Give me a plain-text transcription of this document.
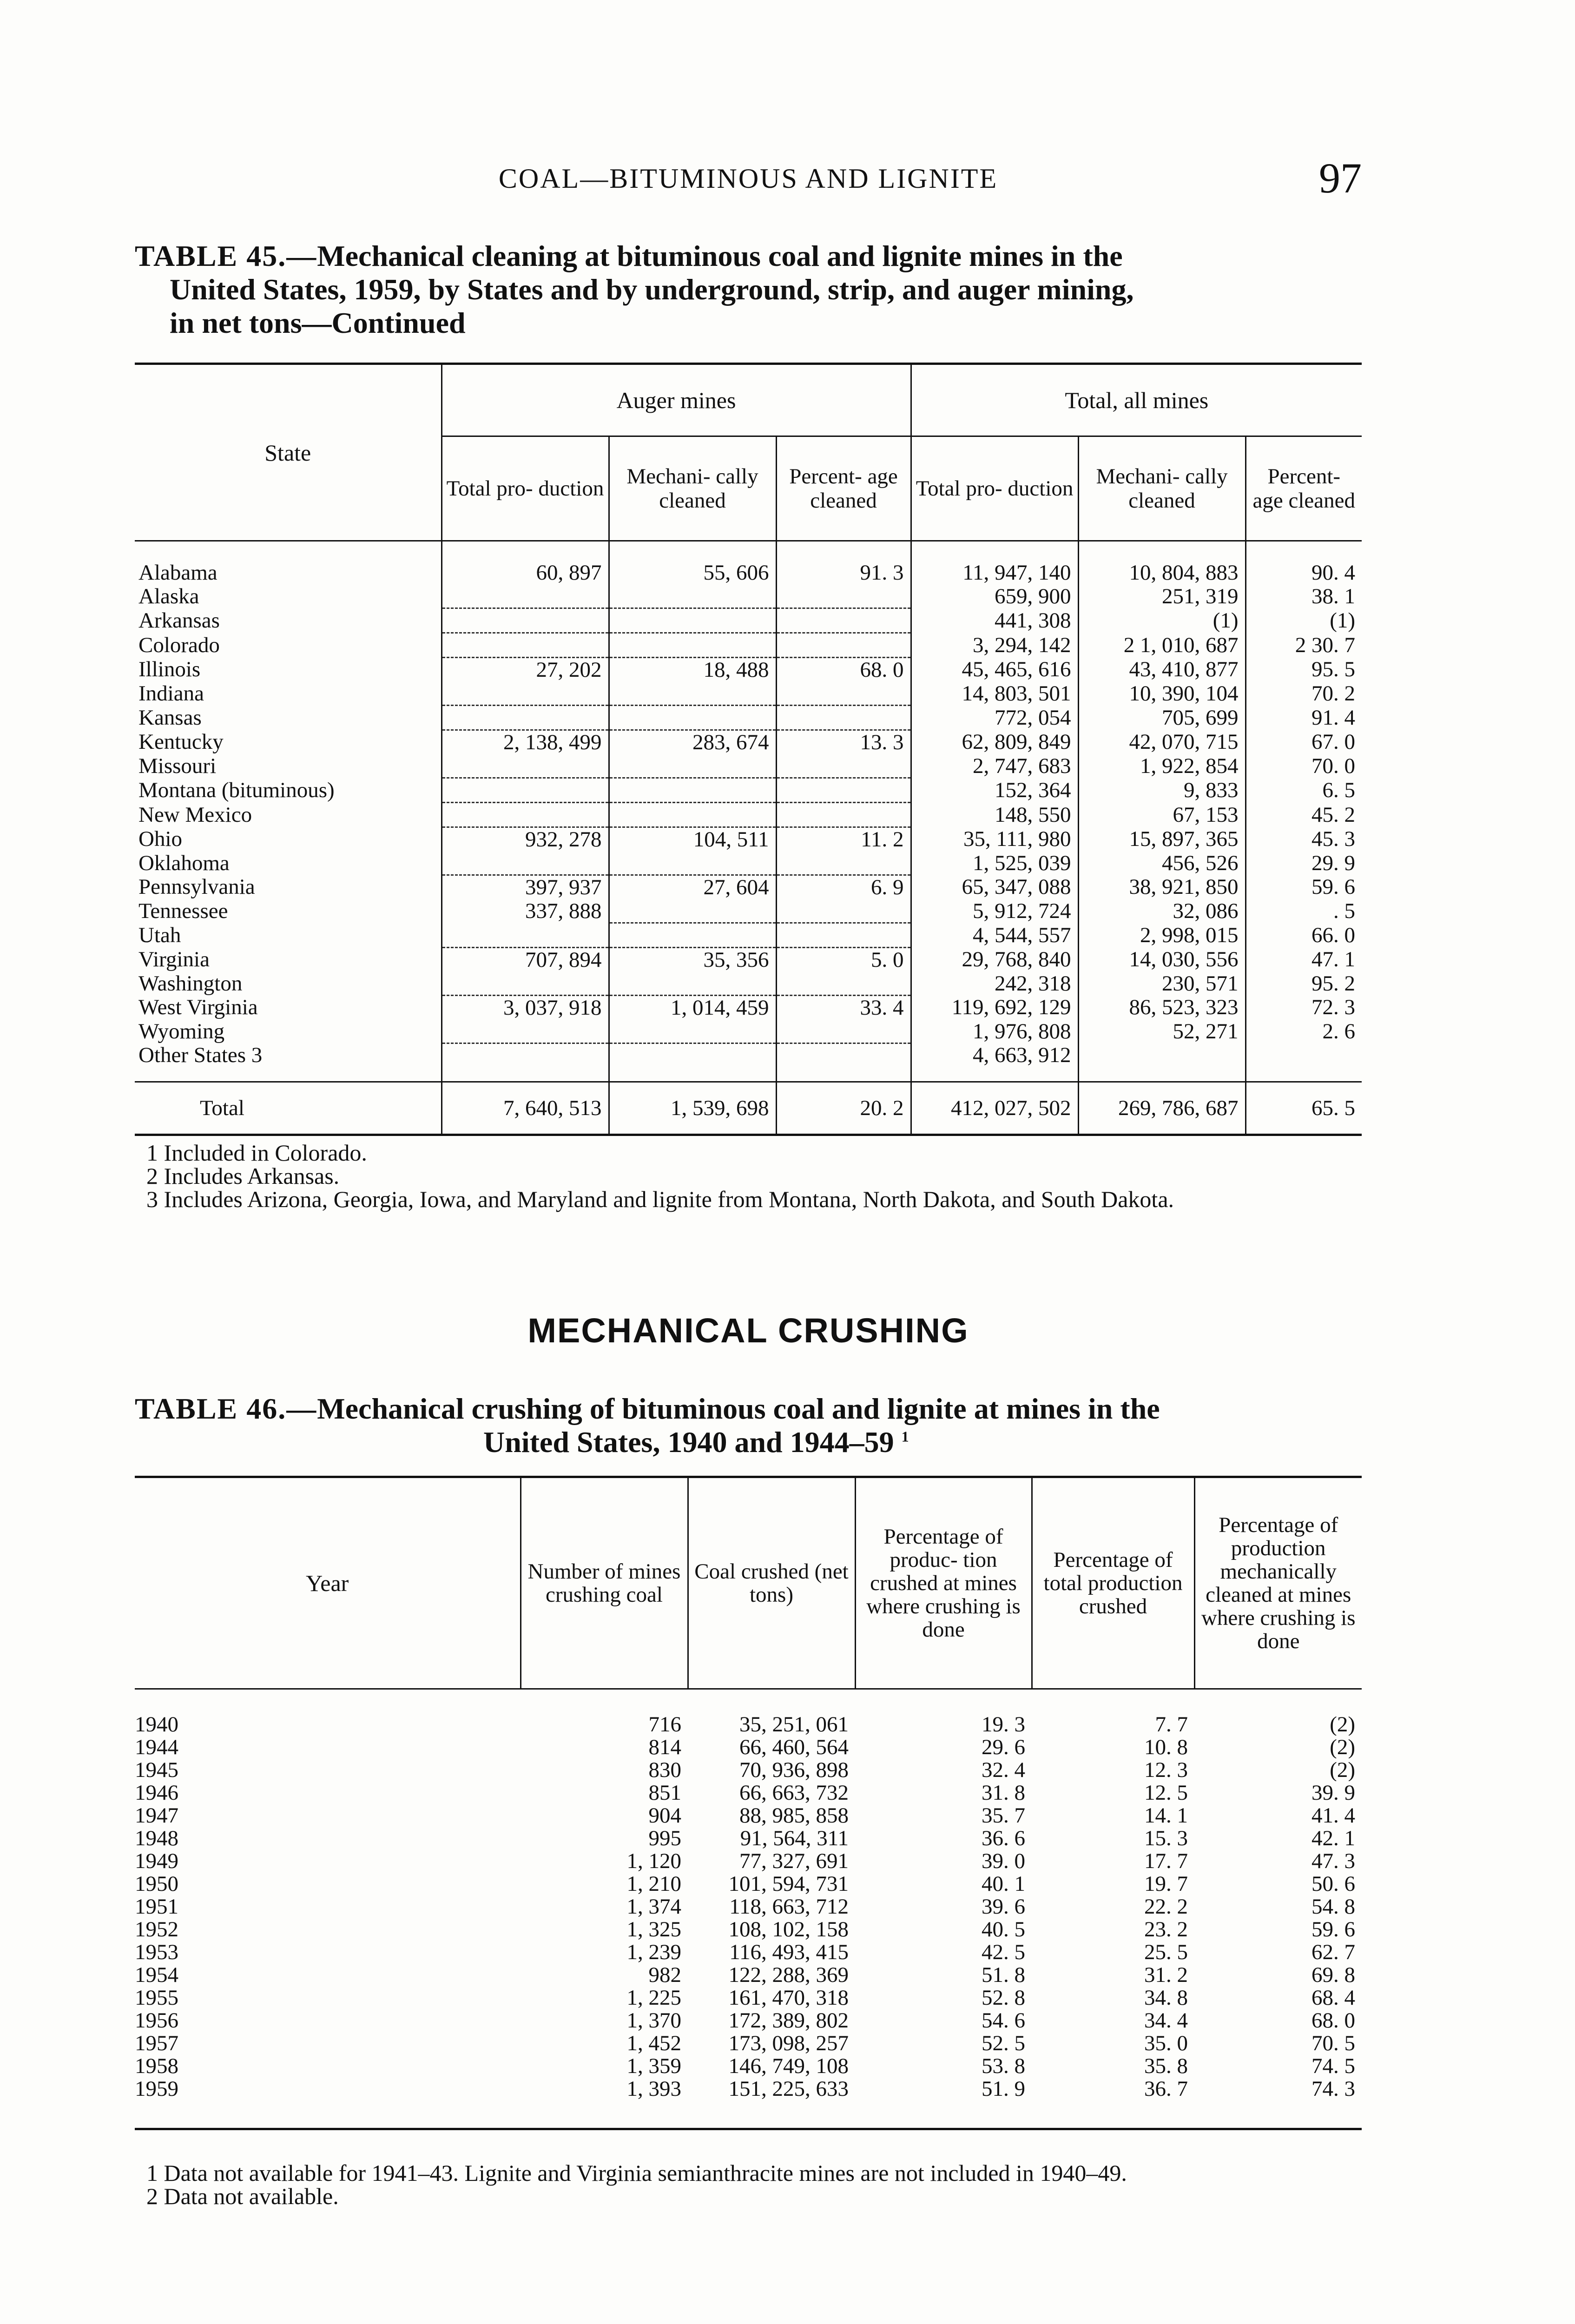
COAL—BITUMINOUS AND LIGNITE	97
TABLE 45.—Mechanical cleaning at bituminous coal and lignite mines in the
United States, 1959, by States and by underground, strip, and auger mining,
in net tons—Continued
State	Auger mines			Total, all mines		
	Total pro- duction	Mechani- cally cleaned	Percent- age cleaned	Total pro- duction	Mechani- cally cleaned	Percent- age cleaned
Alabama	60, 897	55, 606	91. 3	11, 947, 140	10, 804, 883	90. 4
Alaska				659, 900	251, 319	38. 1
Arkansas				441, 308	(1)	(1)
Colorado				3, 294, 142	2 1, 010, 687	2 30. 7
Illinois	27, 202	18, 488	68. 0	45, 465, 616	43, 410, 877	95. 5
Indiana				14, 803, 501	10, 390, 104	70. 2
Kansas				772, 054	705, 699	91. 4
Kentucky	2, 138, 499	283, 674	13. 3	62, 809, 849	42, 070, 715	67. 0
Missouri				2, 747, 683	1, 922, 854	70. 0
Montana (bituminous)				152, 364	9, 833	6. 5
New Mexico				148, 550	67, 153	45. 2
Ohio	932, 278	104, 511	11. 2	35, 111, 980	15, 897, 365	45. 3
Oklahoma				1, 525, 039	456, 526	29. 9
Pennsylvania	397, 937	27, 604	6. 9	65, 347, 088	38, 921, 850	59. 6
Tennessee	337, 888			5, 912, 724	32, 086	. 5
Utah				4, 544, 557	2, 998, 015	66. 0
Virginia	707, 894	35, 356	5. 0	29, 768, 840	14, 030, 556	47. 1
Washington				242, 318	230, 571	95. 2
West Virginia	3, 037, 918	1, 014, 459	33. 4	119, 692, 129	86, 523, 323	72. 3
Wyoming				1, 976, 808	52, 271	2. 6
Other States 3				4, 663, 912		
Total	7, 640, 513	1, 539, 698	20. 2	412, 027, 502	269, 786, 687	65. 5

1 Included in Colorado.

2 Includes Arkansas.

3 Includes Arizona, Georgia, Iowa, and Maryland and lignite from Montana, North Dakota, and South Dakota.

MECHANICAL CRUSHING
TABLE 46.—Mechanical crushing of bituminous coal and lignite at mines in the
United States, 1940 and 1944–59 $^1$
Year	Number of mines crushing coal	Coal crushed (net tons)	Percentage of produc- tion crushed at mines where crushing is done	Percentage of total production crushed	Percentage of production mechanically cleaned at mines where crushing is done
1940	716	35, 251, 061	19. 3	7. 7	(2)
1944	814	66, 460, 564	29. 6	10. 8	(2)
1945	830	70, 936, 898	32. 4	12. 3	(2)
1946	851	66, 663, 732	31. 8	12. 5	39. 9
1947	904	88, 985, 858	35. 7	14. 1	41. 4
1948	995	91, 564, 311	36. 6	15. 3	42. 1
1949	1, 120	77, 327, 691	39. 0	17. 7	47. 3
1950	1, 210	101, 594, 731	40. 1	19. 7	50. 6
1951	1, 374	118, 663, 712	39. 6	22. 2	54. 8
1952	1, 325	108, 102, 158	40. 5	23. 2	59. 6
1953	1, 239	116, 493, 415	42. 5	25. 5	62. 7
1954	982	122, 288, 369	51. 8	31. 2	69. 8
1955	1, 225	161, 470, 318	52. 8	34. 8	68. 4
1956	1, 370	172, 389, 802	54. 6	34. 4	68. 0
1957	1, 452	173, 098, 257	52. 5	35. 0	70. 5
1958	1, 359	146, 749, 108	53. 8	35. 8	74. 5
1959	1, 393	151, 225, 633	51. 9	36. 7	74. 3

1 Data not available for 1941–43. Lignite and Virginia semianthracite mines are not included in 1940–49.

2 Data not available.
